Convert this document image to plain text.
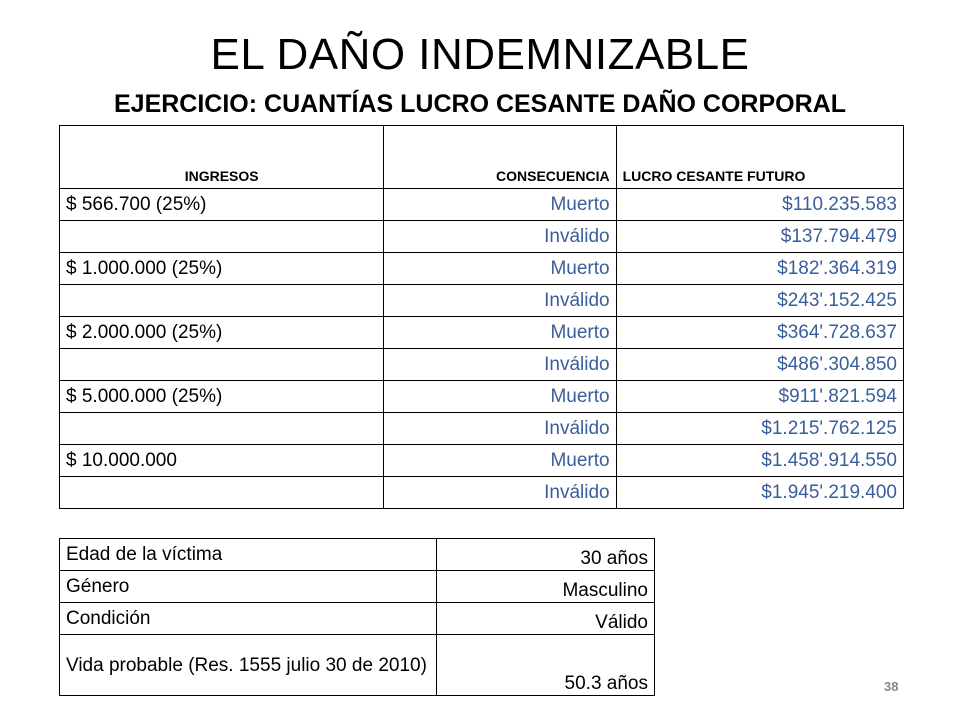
EL DAÑO INDEMNIZABLE
EJERCICIO: CUANTÍAS LUCRO CESANTE DAÑO CORPORAL
INGRESOS	CONSECUENCIA	LUCRO CESANTE FUTURO
$ 566.700 (25%)	Muerto	$110.235.583
	Inválido	$137.794.479
$ 1.000.000 (25%)	Muerto	$182'.364.319
	Inválido	$243'.152.425
$ 2.000.000 (25%)	Muerto	$364'.728.637
	Inválido	$486'.304.850
$ 5.000.000 (25%)	Muerto	$911'.821.594
	Inválido	$1.215'.762.125
$ 10.000.000	Muerto	$1.458'.914.550
	Inválido	$1.945'.219.400
Edad de la víctima	30 años
Género	Masculino
Condición	Válido
Vida probable (Res. 1555 julio 30 de 2010)	50.3 años	38
